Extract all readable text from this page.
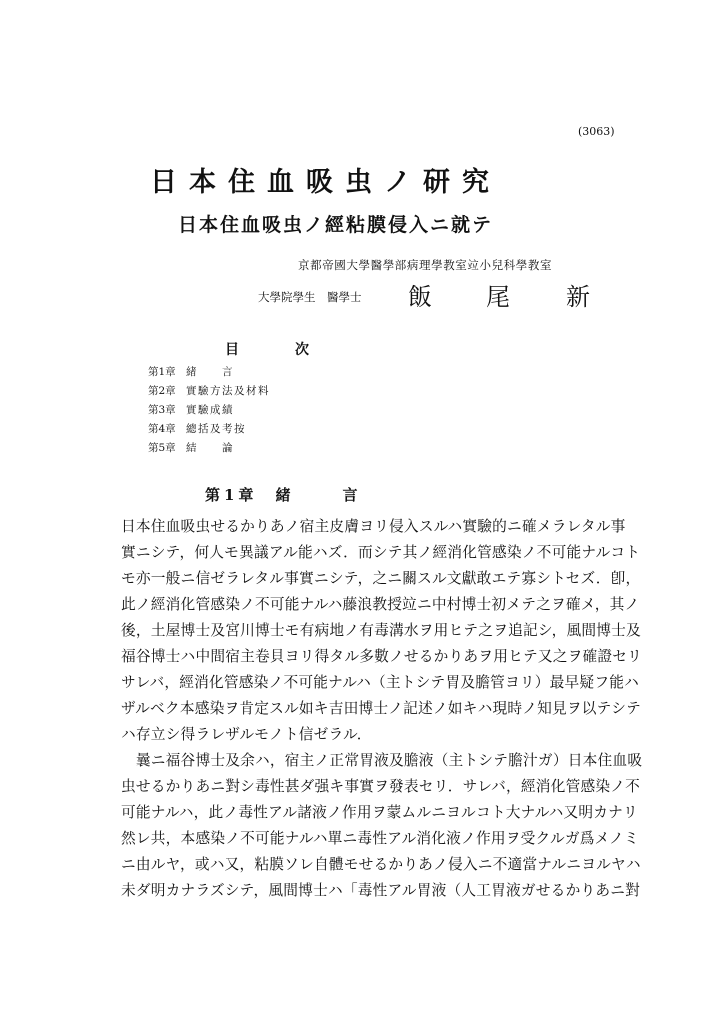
(3063)
日本住血吸虫ノ研究
日本住血吸虫ノ經粘膜侵入ニ就テ
京都帝國大學醫學部病理學教室竝小兒科學教室
大學院學生　醫學士 飯 尾 新
目	次
第1章 緒　　言
第2章 實驗方法及材料
第3章 實驗成績
第4章 總括及考按
第5章 結　　論
第1章 緒言
日本住血吸虫せるかりあノ宿主皮膚ヨリ侵入スルハ實驗的ニ確メラレタル事
實ニシテ，何人モ異議アル能ハズ．而シテ其ノ經消化管感染ノ不可能ナルコト
モ亦一般ニ信ゼラレタル事實ニシテ，之ニ關スル文獻敢エテ寡シトセズ．卽，
此ノ經消化管感染ノ不可能ナルハ藤浪教授竝ニ中村博士初メテ之ヲ確メ，其ノ
後，土屋博士及宮川博士モ有病地ノ有毒溝水ヲ用ヒテ之ヲ追記シ，風間博士及
福谷博士ハ中間宿主卷貝ヨリ得タル多數ノせるかりあヲ用ヒテ又之ヲ確證セリ
サレバ，經消化管感染ノ不可能ナルハ（主トシテ胃及膽管ヨリ）最早疑フ能ハ
ザルベク本感染ヲ肯定スル如キ吉田博士ノ記述ノ如キハ現時ノ知見ヲ以テシテ
ハ存立シ得ラレザルモノト信ゼラル．
　曩ニ福谷博士及余ハ，宿主ノ正常胃液及膽液（主トシテ膽汁ガ）日本住血吸
虫せるかりあニ對シ毒性甚ダ强キ事實ヲ發表セリ．サレバ，經消化管感染ノ不
可能ナルハ，此ノ毒性アル諸液ノ作用ヲ蒙ムルニヨルコト大ナルハ又明カナリ
然レ共，本感染ノ不可能ナルハ單ニ毒性アル消化液ノ作用ヲ受クルガ爲メノミ
ニ由ルヤ，或ハ又，粘膜ソレ自體モせるかりあノ侵入ニ不適當ナルニヨルヤハ
未ダ明カナラズシテ，風間博士ハ「毒性アル胃液（人工胃液ガせるかりあニ對
